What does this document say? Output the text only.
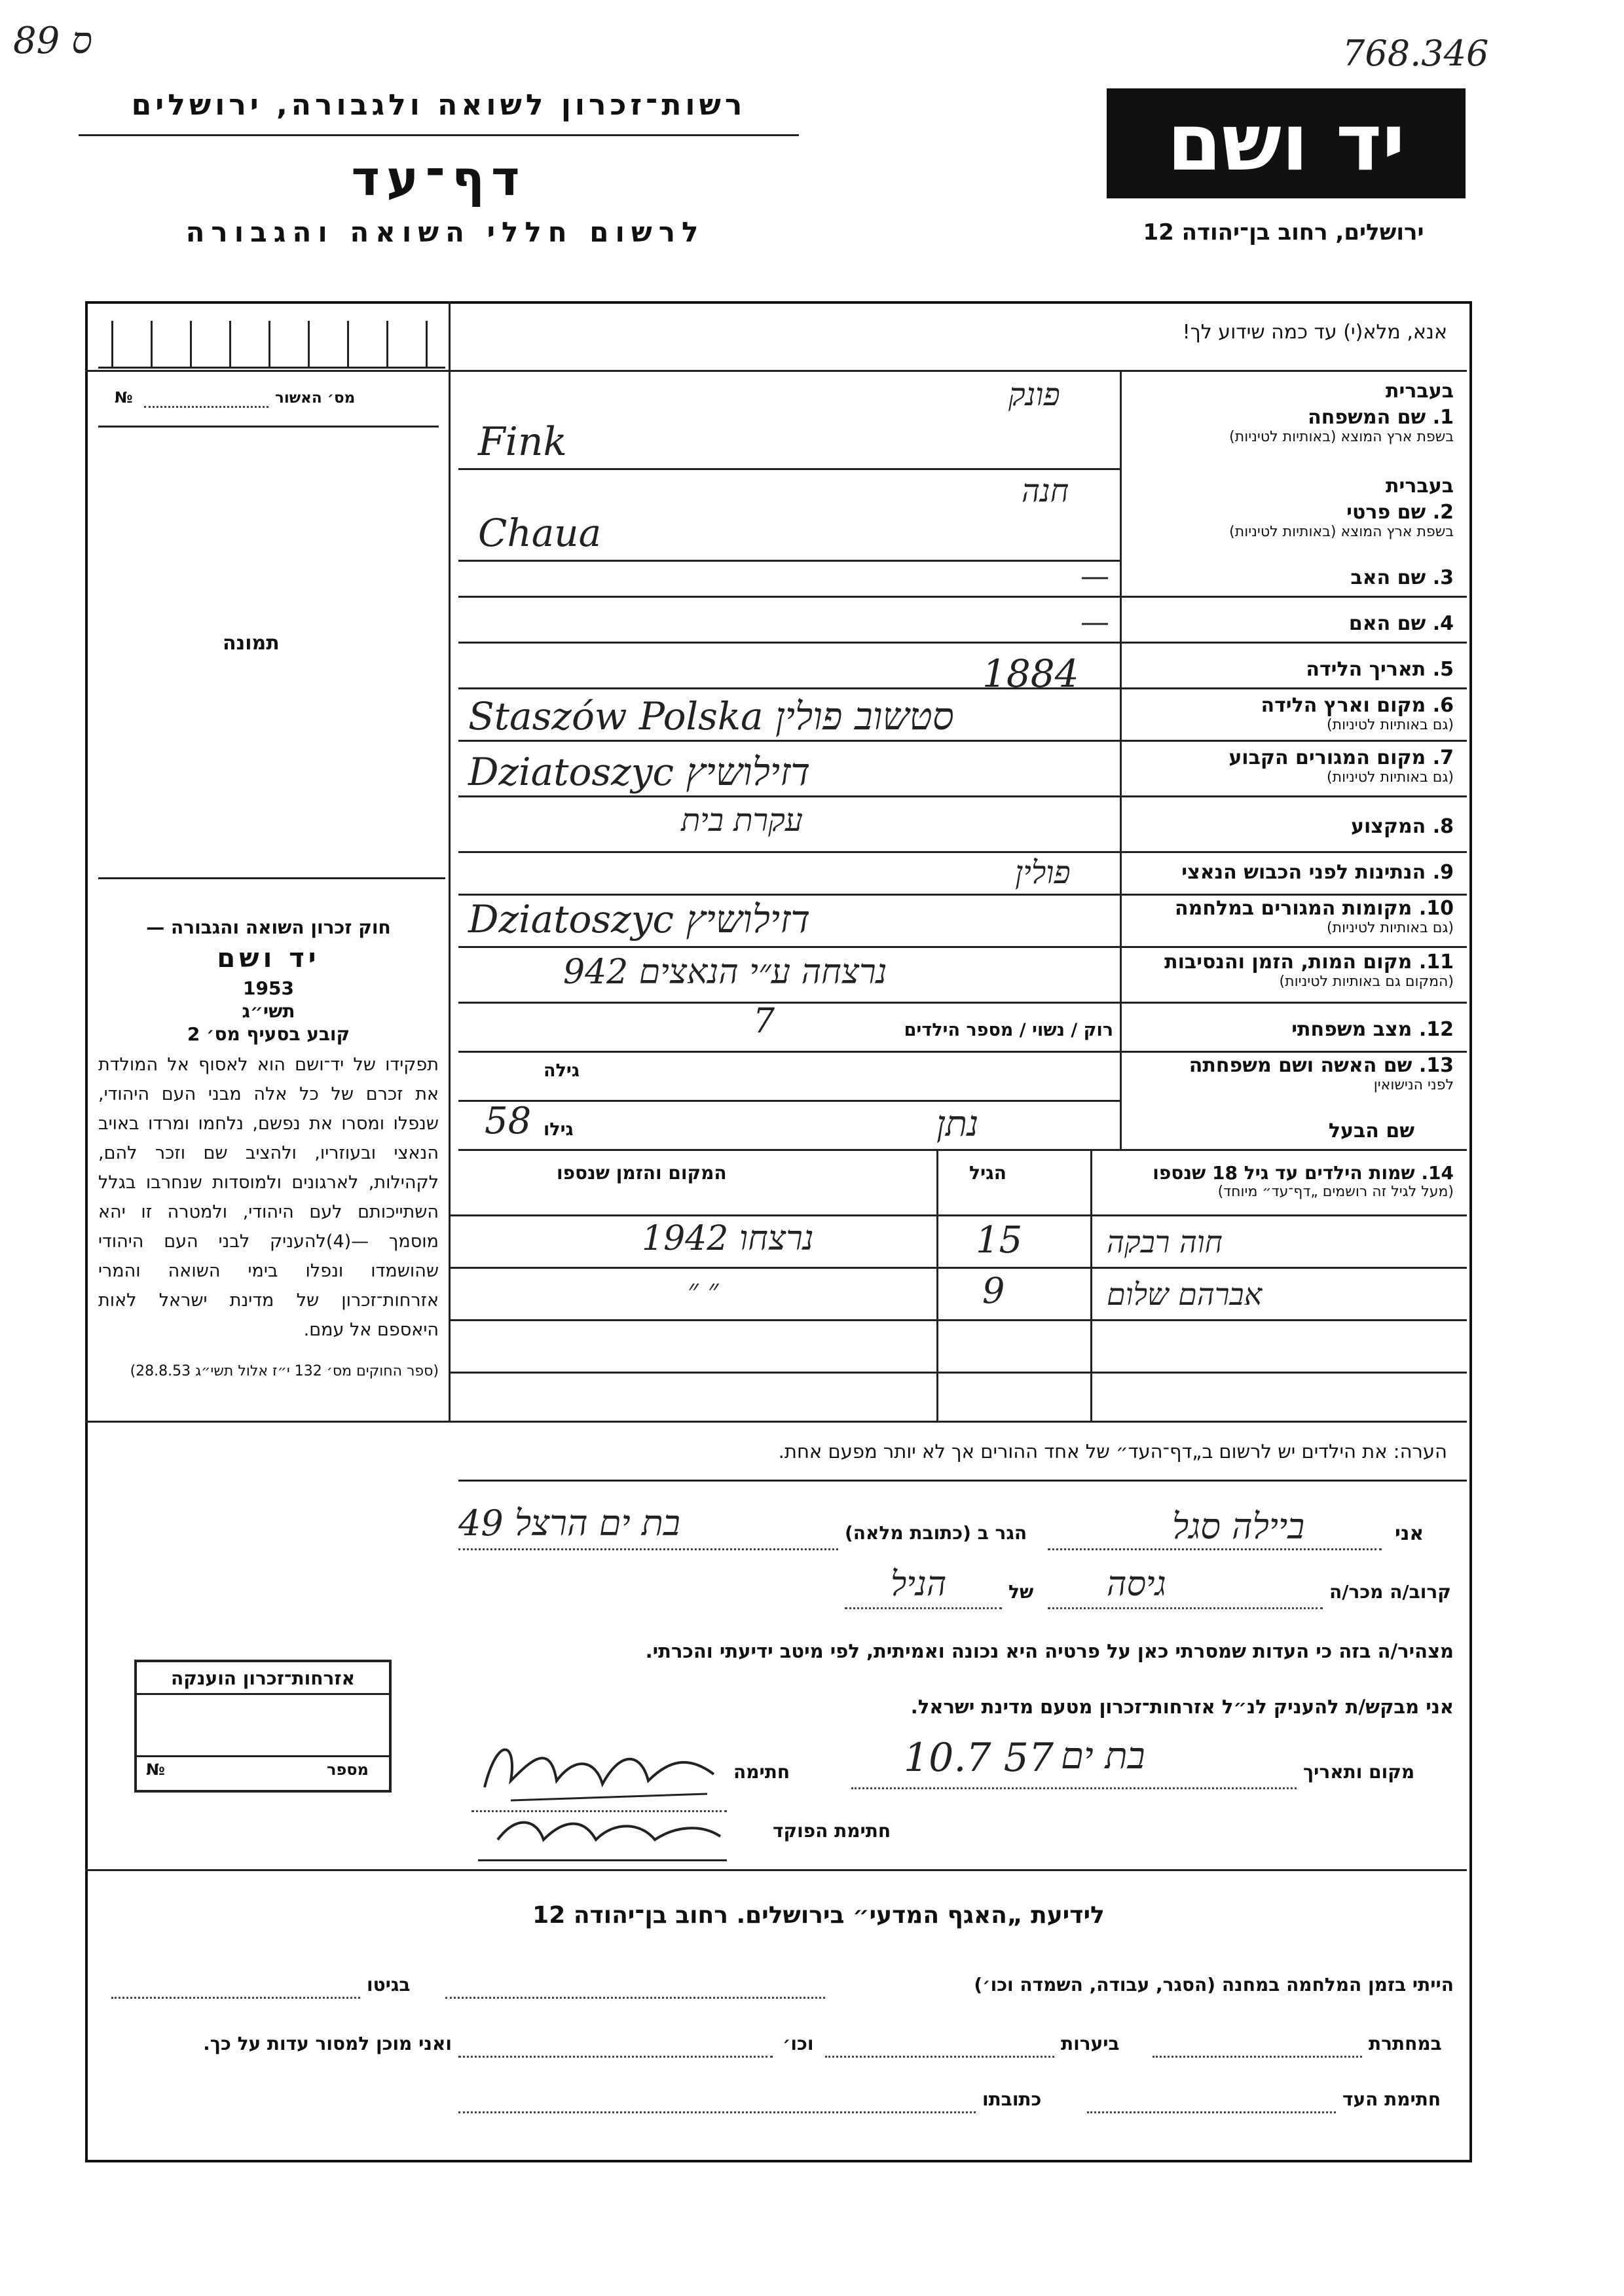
89 ס	768.346
רשות־זכרון לשואה ולגבורה, ירושלים
דף־עד
לרשום חללי השואה והגבורה
יד ושם
ירושלים, רחוב בן־יהודה 12
אנא, מלא(י) עד כמה שידוע לך!
מס׳ האשור
№
תמונה
חוק זכרון השואה והגבורה —
יד ושם
1953
תשי״ג
קובע בסעיף מס׳ 2
תפקידו של יד־ושם הוא לאסוף אל המולדת את זכרם של כל אלה מבני העם היהודי, שנפלו ומסרו את נפשם, נלחמו ומרדו באויב הנאצי ובעוזריו, ולהציב שם וזכר להם, לקהילות, לארגונים ולמוסדות שנחרבו בגלל השתייכותם לעם היהודי, ולמטרה זו יהא מוסמך —(4)להעניק לבני העם היהודי שהושמדו ונפלו בימי השואה והמרי אזרחות־זכרון של מדינת ישראל לאות היאספם אל עמם.
(ספר החוקים מס׳ 132 י״ז אלול תשי״ג 28.8.53)
בעברית
1. שם המשפחה
בשפת ארץ המוצא (באותיות לטיניות)
פונק
Fink
בעברית
2. שם פרטי
בשפת ארץ המוצא (באותיות לטיניות)
חנה
Chaua
3. שם האב
—
4. שם האם
—
5. תאריך הלידה
1884
6. מקום וארץ הלידה
(גם באותיות לטיניות)
Staszów Polska סטשוב פולין
7. מקום המגורים הקבוע
(גם באותיות לטיניות)
Dziatoszyc דזילושיץ
8. המקצוע
עקרת בית
9. הנתינות לפני הכבוש הנאצי
פולין
10. מקומות המגורים במלחמה
(גם באותיות לטיניות)
Dziatoszyc דזילושיץ
11. מקום המות, הזמן והנסיבות
(המקום גם באותיות לטיניות)
נרצחה ע״י הנאצים 942
12. מצב משפחתי
רוק / נשוי / מספר הילדים
7
13. שם האשה ושם משפחתה
לפני הנישואין
גילה
שם הבעל
נתן
גילו
58
14. שמות הילדים עד גיל 18 שנספו
(מעל לגיל זה רושמים „דף־עד״ מיוחד)
הגיל
המקום והזמן שנספו
חוה רבקה
15
נרצחו 1942
אברהם שלום
9
״ ״
הערה: את הילדים יש לרשום ב„דף־העד״ של אחד ההורים אך לא יותר מפעם אחת.
אני
ביילה סגל
הגר ב (כתובת מלאה)
בת ים הרצל 49
קרוב/ה מכר/ה
גיסה
של
הניל
מצהיר/ה בזה כי העדות שמסרתי כאן על פרטיה היא נכונה ואמיתית, לפי מיטב ידיעתי והכרתי.
אני מבקש/ת להעניק לנ״ל אזרחות־זכרון מטעם מדינת ישראל.
מקום ותאריך
בת ים
10.7 57
חתימה
חתימת הפוקד
אזרחות־זכרון הוענקה
№	מספר
לידיעת „האגף המדעי״ בירושלים. רחוב בן־יהודה 12
הייתי בזמן המלחמה במחנה (הסגר, עבודה, השמדה וכו׳)
בגיטו
במחתרת
ביערות
וכו׳
ואני מוכן למסור עדות על כך.
חתימת העד
כתובתו
